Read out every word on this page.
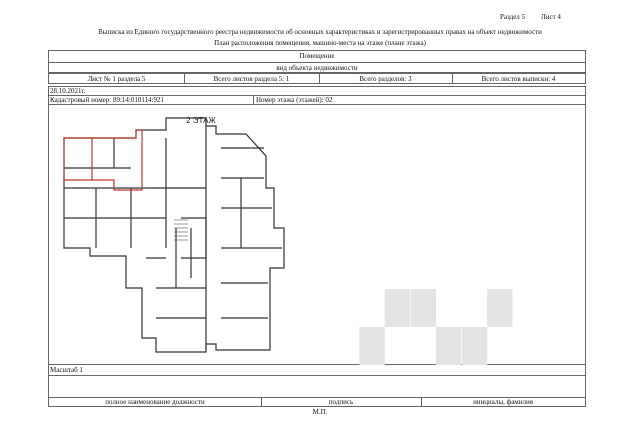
Раздел 5 Лист 4
Выписка из Единого государственного реестра недвижимости об основных характеристиках и зарегистрированных правах на объект недвижимости
План расположения помещения, машино-места на этаже (плане этажа)
Помещение
вид объекта недвижимости
Лист № 1 раздела 5	Всего листов раздела 5: 1	Всего разделов: 3	Всего листов выписки: 4
28.10.2021г.
Кадастровый номер: 89:14:010114:921	Номер этажа (этажей): 02
Масштаб 1
▞▚▞
2 ЭТАЖ
полное наименование должности	подпись	инициалы, фамилия
М.П.
